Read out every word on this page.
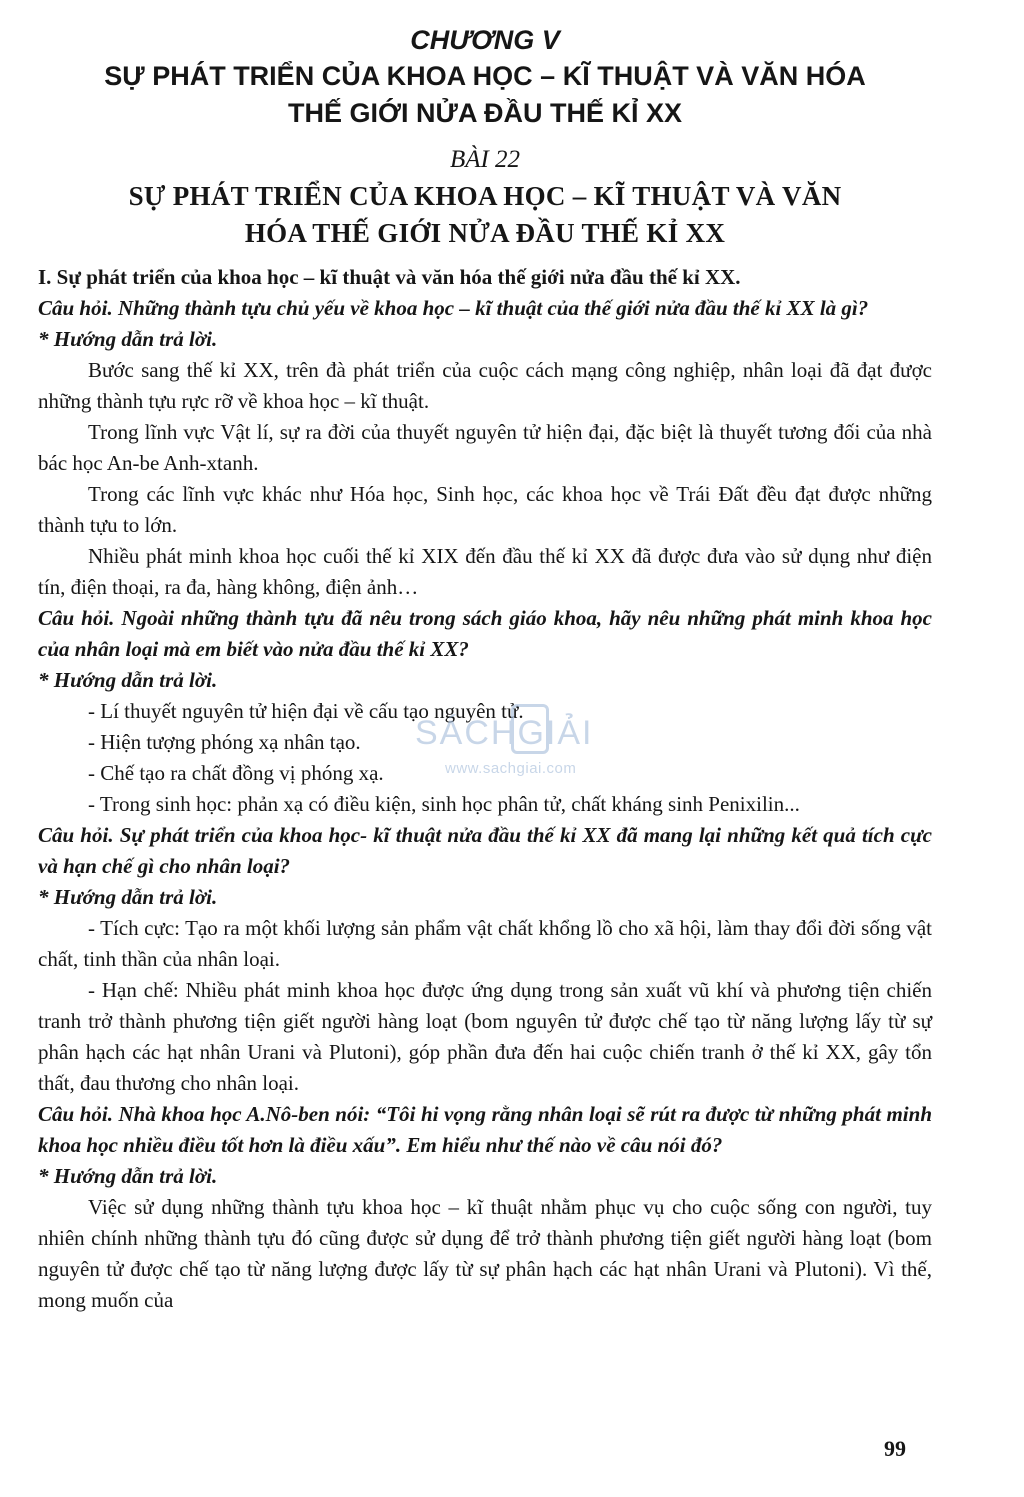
CHƯƠNG V

SỰ PHÁT TRIỂN CỦA KHOA HỌC – KĨ THUẬT VÀ VĂN HÓA

THẾ GIỚI NỬA ĐẦU THẾ KỈ XX

BÀI 22

SỰ PHÁT TRIỂN CỦA KHOA HỌC – KĨ THUẬT VÀ VĂN

HÓA THẾ GIỚI NỬA ĐẦU THẾ KỈ XX

I. Sự phát triển của khoa học – kĩ thuật và văn hóa thế giới nửa đầu thế kỉ XX.

Câu hỏi. Những thành tựu chủ yếu về khoa học – kĩ thuật của thế giới nửa đầu thế kỉ XX là gì?

* Hướng dẫn trả lời.

Bước sang thế kỉ XX, trên đà phát triển của cuộc cách mạng công nghiệp, nhân loại đã đạt được những thành tựu rực rỡ về khoa học – kĩ thuật.

Trong lĩnh vực Vật lí, sự ra đời của thuyết nguyên tử hiện đại, đặc biệt là thuyết tương đối của nhà bác học An-be Anh-xtanh.

Trong các lĩnh vực khác như Hóa học, Sinh học, các khoa học về Trái Đất đều đạt được những thành tựu to lớn.

Nhiều phát minh khoa học cuối thế kỉ XIX đến đầu thế kỉ XX đã được đưa vào sử dụng như điện tín, điện thoại, ra đa, hàng không, điện ảnh…

Câu hỏi. Ngoài những thành tựu đã nêu trong sách giáo khoa, hãy nêu những phát minh khoa học của nhân loại mà em biết vào nửa đầu thế kỉ XX?

* Hướng dẫn trả lời.

- Lí thuyết nguyên tử hiện đại về cấu tạo nguyên tử.

- Hiện tượng phóng xạ nhân tạo.

- Chế tạo ra chất đồng vị phóng xạ.

- Trong sinh học: phản xạ có điều kiện, sinh học phân tử, chất kháng sinh Penixilin...

Câu hỏi. Sự phát triển của khoa học- kĩ thuật nửa đầu thế kỉ XX đã mang lại những kết quả tích cực và hạn chế gì cho nhân loại?

* Hướng dẫn trả lời.

- Tích cực: Tạo ra một khối lượng sản phẩm vật chất khổng lồ cho xã hội, làm thay đổi đời sống vật chất, tinh thần của nhân loại.

- Hạn chế: Nhiều phát minh khoa học được ứng dụng trong sản xuất vũ khí và phương tiện chiến tranh trở thành phương tiện giết người hàng loạt (bom nguyên tử được chế tạo từ năng lượng lấy từ sự phân hạch các hạt nhân Urani và Plutoni), góp phần đưa đến hai cuộc chiến tranh ở thế kỉ XX, gây tổn thất, đau thương cho nhân loại.

Câu hỏi. Nhà khoa học A.Nô-ben nói: “Tôi hi vọng rằng nhân loại sẽ rút ra được từ những phát minh khoa học nhiều điều tốt hơn là điều xấu”. Em hiểu như thế nào về câu nói đó?

* Hướng dẫn trả lời.

Việc sử dụng những thành tựu khoa học – kĩ thuật nhằm phục vụ cho cuộc sống con người, tuy nhiên chính những thành tựu đó cũng được sử dụng để trở thành phương tiện giết người hàng loạt (bom nguyên tử được chế tạo từ năng lượng được lấy từ sự phân hạch các hạt nhân Urani và Plutoni). Vì thế, mong muốn của

SÁCHGIẢI
www.sachgiai.com
99
